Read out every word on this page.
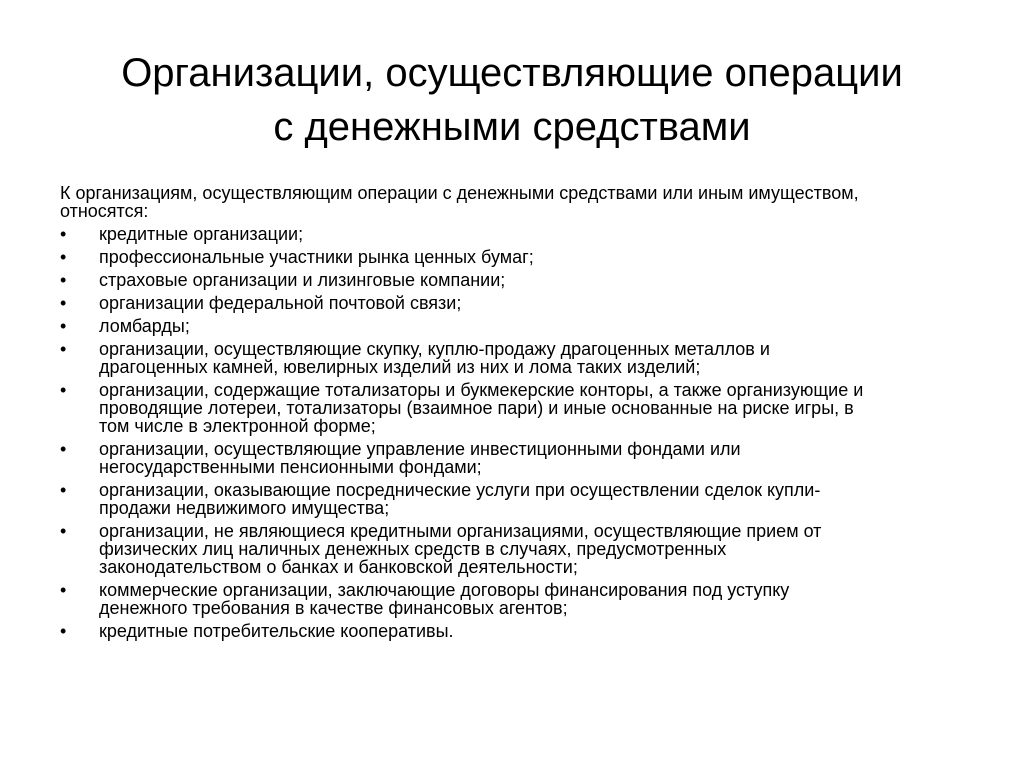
Организации, осуществляющие операции
с денежными средствами

К организациям, осуществляющим операции с денежными средствами или иным имуществом,
относятся:

•	кредитные организации;
•	профессиональные участники рынка ценных бумаг;
•	страховые организации и лизинговые компании;
•	организации федеральной почтовой связи;
•	ломбарды;
•	организации, осуществляющие скупку, куплю-продажу драгоценных металлов и
драгоценных камней, ювелирных изделий из них и лома таких изделий;
•	организации, содержащие тотализаторы и букмекерские конторы, а также организующие и
проводящие лотереи, тотализаторы (взаимное пари) и иные основанные на риске игры, в
том числе в электронной форме;
•	организации, осуществляющие управление инвестиционными фондами или
негосударственными пенсионными фондами;
•	организации, оказывающие посреднические услуги при осуществлении сделок купли-
продажи недвижимого имущества;
•	организации, не являющиеся кредитными организациями, осуществляющие прием от
физических лиц наличных денежных средств в случаях, предусмотренных
законодательством о банках и банковской деятельности;
•	коммерческие организации, заключающие договоры финансирования под уступку
денежного требования в качестве финансовых агентов;
•	кредитные потребительские кооперативы.
